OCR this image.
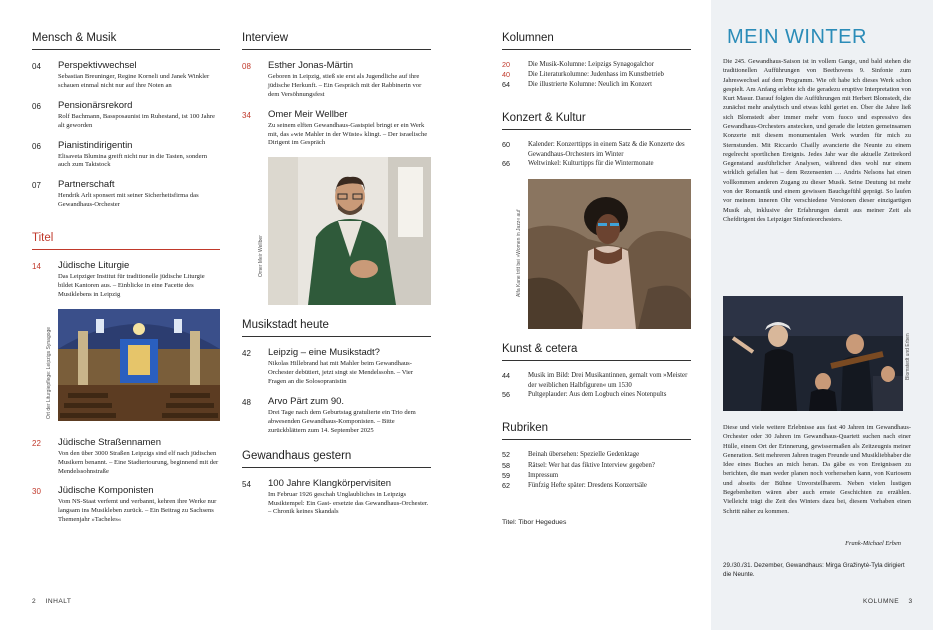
Mensch & Musik
04	Perspektivwechsel
Sebastian Breuninger, Regine Korneli und Janek Winkler schauen einmal nicht nur auf ihre Noten an
06	Pensionärsrekord
Rolf Bachmann, Bassposaunist im Ruhestand, ist 100 Jahre alt geworden
06	Pianistindirigentin
Elisaveta Blumina greift nicht nur in die Tasten, sondern auch zum Taktstock
07	Partnerschaft
Hendrik Arlt sponsert mit seiner Sicherheitsfirma das Gewandhaus-Orchester
Titel
14	Jüdische Liturgie
Das Leipziger Institut für traditionelle jüdische Liturgie bildet Kantoren aus. – Einblicke in eine Facette des Musiklebens in Leipzig
Ort der Liturgiepflege: Leipzigs Synagoge
22	Jüdische Straßennamen
Von den über 3000 Straßen Leipzigs sind elf nach jüdischen Musikern benannt. – Eine Stadtertourung, beginnend mit der Mendelssohnstraße
30	Jüdische Komponisten
Vom NS-Staat verfemt und verbannt, kehren ihre Werke nur langsam ins Musikleben zurück. – Ein Beitrag zu Sachsens Themenjahr »Tacheles«
Interview
08	Esther Jonas-Märtin
Geboren in Leipzig, stieß sie erst als Jugendliche auf ihre jüdische Herkunft. – Ein Gespräch mit der Rabbinerin vor dem Versöhnungsfest
34	Omer Meir Wellber
Zu seinem elften Gewandhaus-Gastspiel bringt er ein Werk mit, das »wie Mahler in der Wüste« klingt. – Der israelische Dirigent im Gespräch
Omer Meir Wellber
Musikstadt heute
42	Leipzig – eine Musikstadt?
Nikolas Hillebrand hat mit Mahler beim Gewandhaus-Orchester debütiert, jetzt singt sie Mendelssohn. – Vier Fragen an die Solosopranistin
48	Arvo Pärt zum 90.
Drei Tage nach dem Geburtstag gratulierte ein Trio dem abwesenden Gewandhaus-Komponisten. – Bitte zurückblättern zum 14. September 2025
Gewandhaus gestern
54	100 Jahre Klangkörpervisiten
Im Februar 1926 geschah Unglaubliches in Leipzigs Musiktempel: Ein Gast- ersetzte das Gewandhaus-Orchester. – Chronik keines Skandals
Kolumnen
20	Die Musik-Kolumne: Leipzigs Synagogalchor
40	Die Literaturkolumne: Judenhass im Kunstbetrieb
64	Die illustrierte Kolumne: Neulich im Konzert
Konzert & Kultur
60	Kalender: Konzerttipps in einem Satz & die Konzerte des Gewandhaus-Orchesters im Winter
66	Weltwinkel: Kulturtipps für die Wintermonate
Alfa Kane tritt bei »Women in Jazz« auf
Kunst & cetera
44	Musik im Bild: Drei Musikantinnen, gemalt vom »Meister der weiblichen Halbfiguren« um 1530
56	Pultgeplauder: Aus dem Logbuch eines Notenpults
Rubriken
52	Beinah übersehen: Spezielle Gedenktage
58	Rätsel: Wer hat das fiktive Interview gegeben?
59	Impressum
62	Fünfzig Hefte später: Dresdens Konzertsäle
Titel: Tibor Hegedues
MEIN WINTER
Die 245. Gewandhaus-Saison ist in vollem Gange, und bald stehen die traditionellen Aufführungen von Beethovens 9. Sinfonie zum Jahreswechsel auf dem Programm. Wie oft habe ich dieses Werk schon gespielt. Am Anfang erlebte ich die geradezu eruptive Interpretation von Kurt Masur. Darauf folgten die Aufführungen mit Herbert Blomstedt, die zunächst mehr analytisch und etwas kühl geriet en. Über die Jahre ließ sich Blomstedt aber immer mehr vom fuoco und espressivo des Gewandhaus-Orchesters anstecken, und gerade die letzten gemeinsamen Konzerte mit diesem monumentalen Werk wurden für mich zu Sternstunden. Mit Riccardo Chailly avancierte die Neunte zu einem regelrecht sportlichen Ereignis. Jedes Jahr war die aktuelle Zeitrekord Gegenstand ausführlicher Analysen, während dies wohl nur einem wirklich gefallen hat – dem Rezensenten … Andris Nelsons hat einen vollkommen anderen Zugang zu dieser Musik. Seine Deutung ist mehr von der Romantik und einem gewissen Bauchgefühl geprägt. So laufen vor meinem inneren Ohr verschiedene Versionen dieser einzigartigen Musik ab, inklusive der Erfahrungen damit aus meiner Zeit als Chefdirigent des Leipziger Sinfonieorchesters.
Blomstedt und Erben
Diese und viele weitere Erlebnisse aus fast 40 Jahren im Gewandhaus-Orchester oder 30 Jahren im Gewandhaus-Quartett suchen nach einer Hülle, einem Ort der Erinnerung, gewissermaßen als Zeitzeugnis meiner Generation. Seit mehreren Jahren tragen Freunde und Musikliebhaber die Idee eines Buches an mich heran. Da gäbe es von Ereignissen zu berichten, die man weder planen noch vorhersehen kann, von Kuriosem und abseits der Bühne Unvorstellbarem. Neben vielen lustigen Begebenheiten wären aber auch ernste Geschichten zu erzählen. Vielleicht trägt die Zeit des Winters dazu bei, diesem Vorhaben einen Schritt näher zu kommen.
Frank-Michael Erben
29./30./31. Dezember, Gewandhaus: Mirga Gražinytė-Tyla dirigiert die Neunte.
2 INHALT	KOLUMNE 3
